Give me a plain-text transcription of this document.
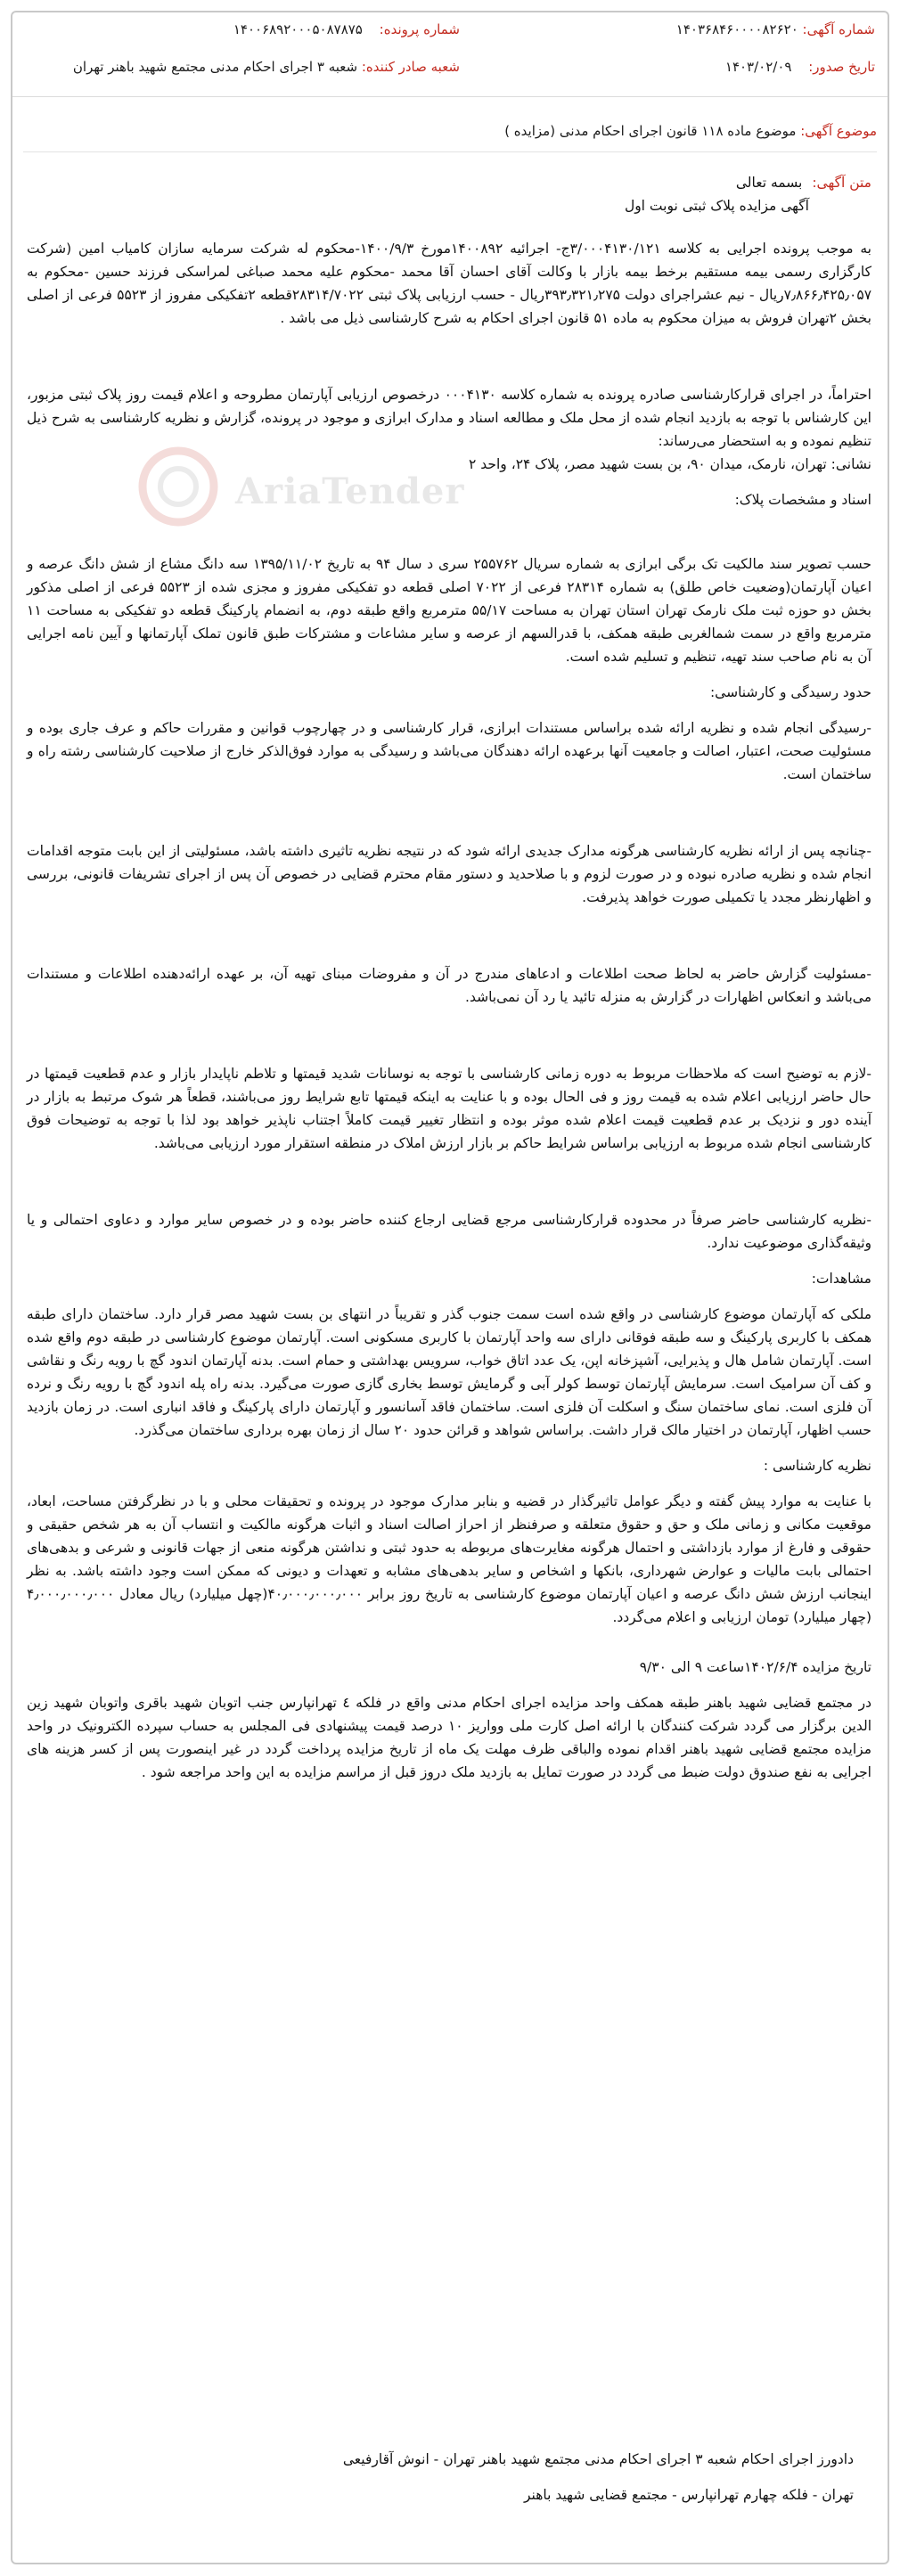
شماره آگهی: ۱۴۰۳۶۸۴۶۰۰۰۰۸۲۶۲۰
شماره پرونده: ۱۴۰۰۶۸۹۲۰۰۰۵۰۸۷۸۷۵
تاریخ صدور: ۱۴۰۳/۰۲/۰۹
شعبه صادر کننده: شعبه ۳ اجرای احکام مدنی مجتمع شهید باهنر تهران
موضوع آگهی: موضوع ماده ۱۱۸ قانون اجرای احکام مدنی (مزایده )

متن آگهی: بسمه تعالی

آگهی مزایده پلاک ثبتی نوبت اول

به موجب پرونده اجرایی به کلاسه ۳/۰۰۰۴۱۳۰/۱۲۱ج- اجرائیه ۱۴۰۰۸۹۲مورخ ۱۴۰۰/۹/۳-محکوم له شرکت سرمایه سازان کامیاب امین (شرکت کارگزاری رسمی بیمه مستقیم برخط بیمه بازار با وکالت آقای احسان آقا محمد -محکوم علیه محمد صباغی لمراسکی فرزند حسین -محکوم به ۷٫۸۶۶٫۴۲۵٫۰۵۷ریال - نیم عشراجرای دولت ۳۹۳٫۳۲۱٫۲۷۵ریال - حسب ارزیابی پلاک ثبتی ۲۸۳۱۴/۷۰۲۲قطعه ۲تفکیکی مفروز از ۵۵۲۳ فرعی از اصلی بخش ۲تهران فروش به میزان محکوم به ماده ۵۱ قانون اجرای احکام به شرح کارشناسی ذیل می باشد .

احتراماً، در اجرای قرارکارشناسی صادره پرونده به شماره کلاسه ۰۰۰۴۱۳۰ درخصوص ارزیابی آپارتمان مطروحه و اعلام قیمت روز پلاک ثبتی مزبور، این کارشناس با توجه به بازدید انجام شده از محل ملک و مطالعه اسناد و مدارک ابرازی و موجود در پرونده، گزارش و نظریه کارشناسی به شرح ذیل تنظیم نموده و به استحضار می‌رساند:

نشانی: تهران، نارمک، میدان ۹۰، بن بست شهید مصر، پلاک ۲۴، واحد ۲

اسناد و مشخصات پلاک:

حسب تصویر سند مالکیت تک برگی ابرازی به شماره سریال ۲۵۵۷۶۲ سری د سال ۹۴ به تاریخ ۱۳۹۵/۱۱/۰۲ سه دانگ مشاع از شش دانگ عرصه و اعیان آپارتمان(وضعیت خاص طلق) به شماره ۲۸۳۱۴ فرعی از ۷۰۲۲ اصلی قطعه دو تفکیکی مفروز و مجزی شده از ۵۵۲۳ فرعی از اصلی مذکور بخش دو حوزه ثبت ملک نارمک تهران استان تهران به مساحت ۵۵/۱۷ مترمربع واقع طبقه دوم، به انضمام پارکینگ قطعه دو تفکیکی به مساحت ۱۱ مترمربع واقع در سمت شمالغربی طبقه همکف، با قدرالسهم از عرصه و سایر مشاعات و مشترکات طبق قانون تملک آپارتمانها و آیین نامه اجرایی آن به نام صاحب سند تهیه، تنظیم و تسلیم شده است.

حدود رسیدگی و کارشناسی:

-رسیدگی انجام شده و نظریه ارائه شده براساس مستندات ابرازی، قرار کارشناسی و در چهارچوب قوانین و مقررات حاکم و عرف جاری بوده و مسئولیت صحت، اعتبار، اصالت و جامعیت آنها برعهده ارائه دهندگان می‌باشد و رسیدگی به موارد فوق‌الذکر خارج از صلاحیت کارشناسی رشته راه و ساختمان است.

-چنانچه پس از ارائه نظریه کارشناسی هرگونه مدارک جدیدی ارائه شود که در نتیجه نظریه تاثیری داشته باشد، مسئولیتی از این بابت متوجه اقدامات انجام شده و نظریه صادره نبوده و در صورت لزوم و با صلاحدید و دستور مقام محترم قضایی در خصوص آن پس از اجرای تشریفات قانونی، بررسی و اظهارنظر مجدد یا تکمیلی صورت خواهد پذیرفت.

-مسئولیت گزارش حاضر به لحاظ صحت اطلاعات و ادعاهای مندرج در آن و مفروضات مبنای تهیه آن، بر عهده ارائه‌دهنده اطلاعات و مستندات می‌باشد و انعکاس اظهارات در گزارش به منزله تائید یا رد آن نمی‌باشد.

-لازم به توضیح است که ملاحظات مربوط به دوره زمانی کارشناسی با توجه به نوسانات شدید قیمتها و تلاطم ناپایدار بازار و عدم قطعیت قیمتها در حال حاضر ارزیابی اعلام شده به قیمت روز و فی الحال بوده و با عنایت به اینکه قیمتها تابع شرایط روز می‌باشند، قطعاً هر شوک مرتبط به بازار در آینده دور و نزدیک بر عدم قطعیت قیمت اعلام شده موثر بوده و انتظار تغییر قیمت کاملاً اجتناب ناپذیر خواهد بود لذا با توجه به توضیحات فوق کارشناسی انجام شده مربوط به ارزیابی براساس شرایط حاکم بر بازار ارزش املاک در منطقه استقرار مورد ارزیابی می‌باشد.

-نظریه کارشناسی حاضر صرفاً در محدوده قرارکارشناسی مرجع قضایی ارجاع کننده حاضر بوده و در خصوص سایر موارد و دعاوی احتمالی و یا وثیقه‌گذاری موضوعیت ندارد.

مشاهدات:

ملکی که آپارتمان موضوع کارشناسی در واقع شده است سمت جنوب گذر و تقریباً در انتهای بن بست شهید مصر قرار دارد. ساختمان دارای طبقه همکف با کاربری پارکینگ و سه طبقه فوقانی دارای سه واحد آپارتمان با کاربری مسکونی است. آپارتمان موضوع کارشناسی در طبقه دوم واقع شده است. آپارتمان شامل هال و پذیرایی، آشپزخانه اپن، یک عدد اتاق خواب، سرویس بهداشتی و حمام است. بدنه آپارتمان اندود گچ با رویه رنگ و نقاشی و کف آن سرامیک است. سرمایش آپارتمان توسط کولر آبی و گرمایش توسط بخاری گازی صورت می‌گیرد. بدنه راه پله اندود گچ با رویه رنگ و نرده آن فلزی است. نمای ساختمان سنگ و اسکلت آن فلزی است. ساختمان فاقد آسانسور و آپارتمان دارای پارکینگ و فاقد انباری است. در زمان بازدید حسب اظهار، آپارتمان در اختیار مالک قرار داشت. براساس شواهد و قرائن حدود ۲۰ سال از زمان بهره برداری ساختمان می‌گذرد.

نظریه کارشناسی :

با عنایت به موارد پیش گفته و دیگر عوامل تاثیرگذار در قضیه و بنابر مدارک موجود در پرونده و تحقیقات محلی و با در نظرگرفتن مساحت، ابعاد، موقعیت مکانی و زمانی ملک و حق و حقوق متعلقه و صرفنظر از احراز اصالت اسناد و اثبات هرگونه مالکیت و انتساب آن به هر شخص حقیقی و حقوقی و فارغ از موارد بازداشتی و احتمال هرگونه مغایرت‌های مربوطه به حدود ثبتی و نداشتن هرگونه منعی از جهات قانونی و شرعی و بدهی‌های احتمالی بابت مالیات و عوارض شهرداری، بانکها و اشخاص و سایر بدهی‌های مشابه و تعهدات و دیونی که ممکن است وجود داشته باشد. به نظر اینجانب ارزش شش دانگ عرصه و اعیان آپارتمان موضوع کارشناسی به تاریخ روز برابر ۴۰٫۰۰۰٫۰۰۰٫۰۰۰(چهل میلیارد) ریال معادل ۴٫۰۰۰٫۰۰۰٫۰۰۰ (چهار میلیارد) تومان ارزیابی و اعلام می‌گردد.

تاریخ مزایده ۱۴۰۲/۶/۴ساعت ۹ الی ۹/۳۰

در مجتمع قضایی شهید باهنر طبقه همکف واحد مزایده اجرای احکام مدنی واقع در فلکه ٤ تهرانپارس جنب اتوبان شهید باقری واتوبان شهید زین الدین برگزار می گردد شرکت کنندگان با ارائه اصل کارت ملی وواریز ۱۰ درصد قیمت پیشنهادی فی المجلس به حساب سپرده الکترونیک در واحد مزایده مجتمع قضایی شهید باهنر اقدام نموده والباقی ظرف مهلت یک ماه از تاریخ مزایده پرداخت گردد در غیر اینصورت پس از کسر هزینه های اجرایی به نفع صندوق دولت ضبط می گردد در صورت تمایل به بازدید ملک دروز قبل از مراسم مزایده به این واحد مراجعه شود .

دادورز اجرای احکام شعبه ۳ اجرای احکام مدنی مجتمع شهید باهنر تهران - انوش آقارفیعی
تهران - فلکه چهارم تهرانپارس - مجتمع قضایی شهید باهنر
AriaTender
